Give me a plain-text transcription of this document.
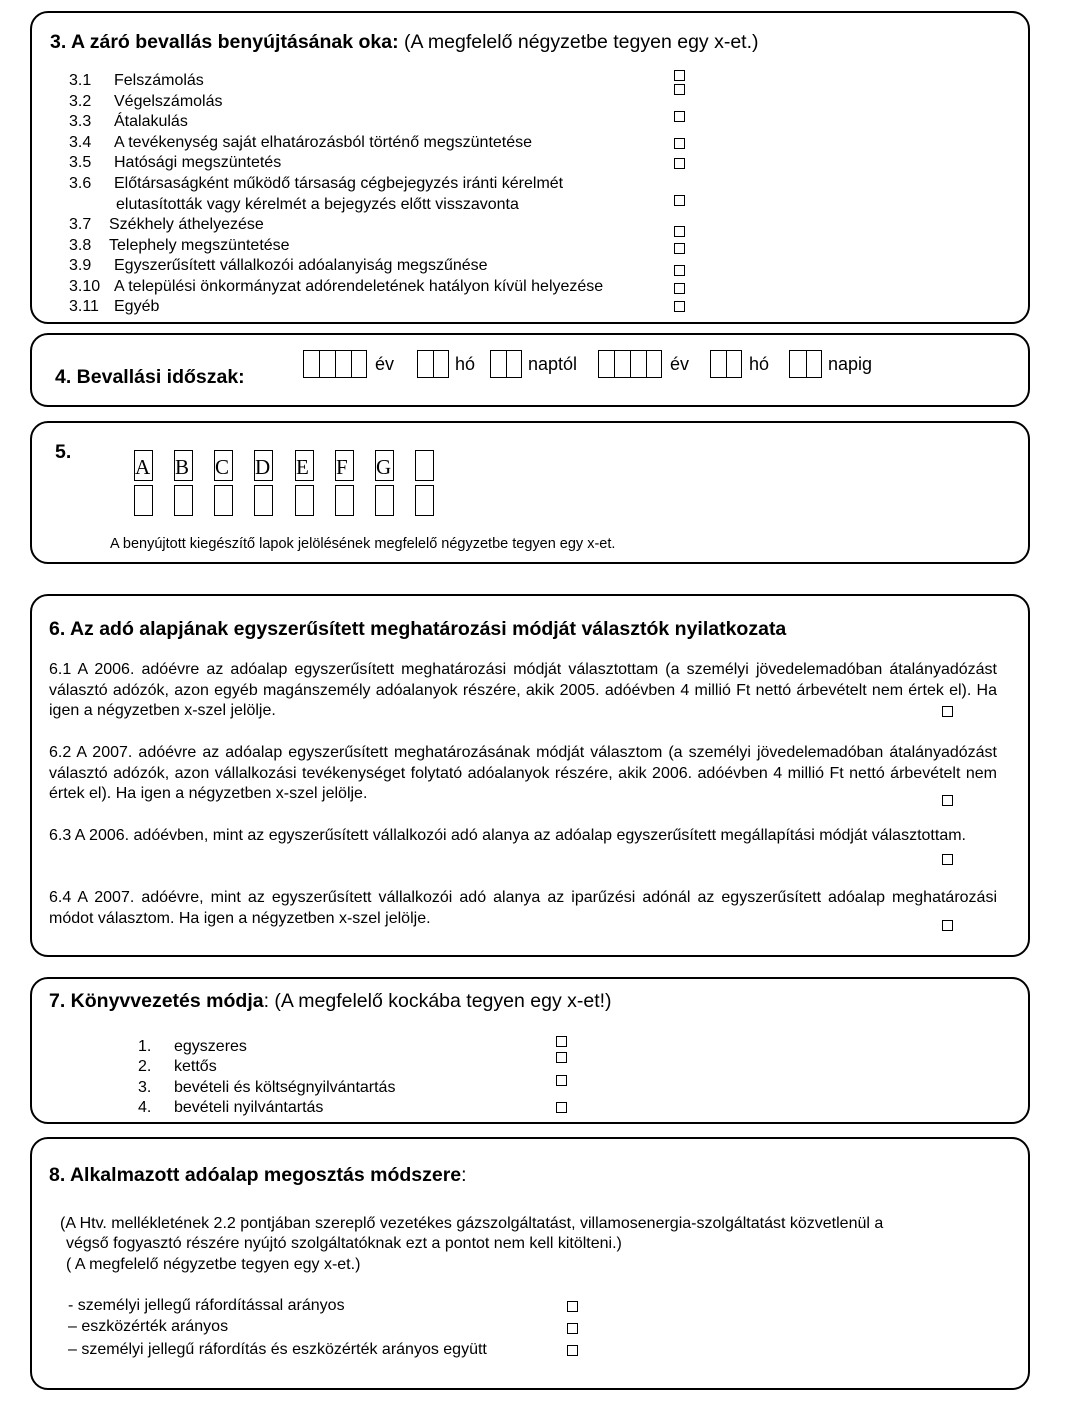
3. A záró bevallás benyújtásának oka: (A megfelelő négyzetbe tegyen egy x-et.)
3.1 Felszámolás
3.2 Végelszámolás
3.3 Átalakulás
3.4 A tevékenység saját elhatározásból történő megszüntetése
3.5 Hatósági megszüntetés
3.6 Előtársaságként működő társaság cégbejegyzés iránti kérelmét
elutasították vagy kérelmét a bejegyzés előtt visszavonta
3.7 Székhely áthelyezése
3.8 Telephely megszüntetése
3.9 Egyszerűsített vállalkozói adóalanyiság megszűnése
3.10 A települési önkormányzat adórendeletének hatályon kívül helyezése
3.11 Egyéb
4. Bevallási időszak:
év	hó	naptól	év	hó	napig
5.
A B C D E F	G
A benyújtott kiegészítő lapok jelölésének megfelelő négyzetbe tegyen egy x-et.
6. Az adó alapjának egyszerűsített meghatározási módját választók nyilatkozata
6.1 A 2006. adóévre az adóalap egyszerűsített meghatározási módját választottam (a személyi jövedelemadóban átalányadózást választó adózók, azon egyéb magánszemély adóalanyok részére, akik 2005. adóévben 4 millió Ft nettó árbevételt nem értek el). Ha igen a négyzetben x-szel jelölje.
6.2 A 2007. adóévre az adóalap egyszerűsített meghatározásának módját választom (a személyi jövedelemadóban átalányadózást választó adózók, azon vállalkozási tevékenységet folytató adóalanyok részére, akik 2006. adóévben 4 millió Ft nettó árbevételt nem értek el). Ha igen a négyzetben x-szel jelölje.
6.3 A 2006. adóévben, mint az egyszerűsített vállalkozói adó alanya az adóalap egyszerűsített megállapítási módját választottam.
6.4 A 2007. adóévre, mint az egyszerűsített vállalkozói adó alanya az iparűzési adónál az egyszerűsített adóalap meghatározási módot választom. Ha igen a négyzetben x-szel jelölje.
7. Könyvvezetés módja: (A megfelelő kockába tegyen egy x-et!)
1. egyszeres
2. kettős
3. bevételi és költségnyilvántartás
4. bevételi nyilvántartás
8. Alkalmazott adóalap megosztás módszere:
(A Htv. mellékletének 2.2 pontjában szereplő vezetékes gázszolgáltatást, villamosenergia-szolgáltatást közvetlenül a
végső fogyasztó részére nyújtó szolgáltatóknak ezt a pontot nem kell kitölteni.)
( A megfelelő négyzetbe tegyen egy x-et.)
- személyi jellegű ráfordítással arányos
– eszközérték arányos
– személyi jellegű ráfordítás és eszközérték arányos együtt
